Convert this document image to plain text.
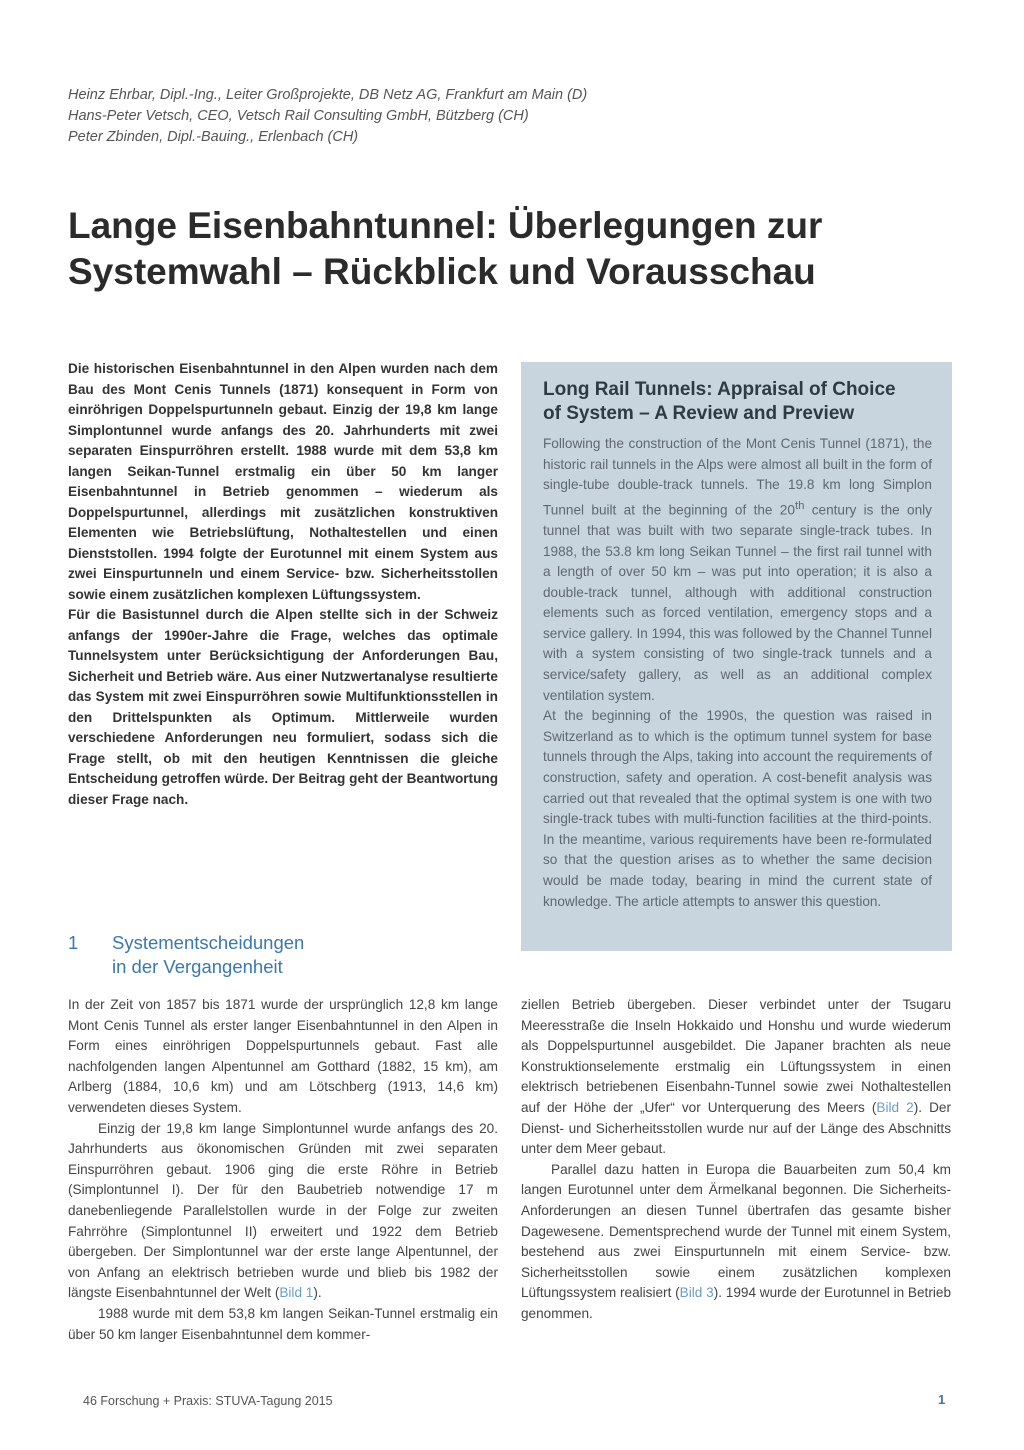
Heinz Ehrbar, Dipl.-Ing., Leiter Großprojekte, DB Netz AG, Frankfurt am Main (D)
Hans-Peter Vetsch, CEO, Vetsch Rail Consulting GmbH, Bützberg (CH)
Peter Zbinden, Dipl.-Bauing., Erlenbach (CH)
Lange Eisenbahntunnel: Überlegungen zur
Systemwahl – Rückblick und Vorausschau

Die historischen Eisenbahntunnel in den Alpen wurden nach dem Bau des Mont Cenis Tunnels (1871) konsequent in Form von einröhrigen Doppelspurtunneln gebaut. Einzig der 19,8 km lange Simplontunnel wurde anfangs des 20. Jahrhunderts mit zwei separaten Einspurröhren erstellt. 1988 wurde mit dem 53,8 km langen Seikan-Tunnel erstmalig ein über 50 km langer Eisenbahntunnel in Betrieb genommen – wiederum als Doppelspurtunnel, allerdings mit zusätzlichen konstruktiven Elementen wie Betriebslüftung, Nothaltestellen und einen Dienststollen. 1994 folgte der Eurotunnel mit einem System aus zwei Einspurtunneln und einem Service- bzw. Sicherheitsstollen sowie einem zusätzlichen komplexen Lüftungssystem.

Für die Basistunnel durch die Alpen stellte sich in der Schweiz anfangs der 1990er-Jahre die Frage, welches das optimale Tunnelsystem unter Berücksichtigung der Anforderungen Bau, Sicherheit und Betrieb wäre. Aus einer Nutzwertanalyse resultierte das System mit zwei Einspurröhren sowie Multifunktionsstellen in den Drittelspunkten als Optimum. Mittlerweile wurden verschiedene Anforderungen neu formuliert, sodass sich die Frage stellt, ob mit den heutigen Kenntnissen die gleiche Entscheidung getroffen würde. Der Beitrag geht der Beantwortung dieser Frage nach.

Long Rail Tunnels: Appraisal of Choice
of System – A Review and Preview

Following the construction of the Mont Cenis Tunnel (1871), the historic rail tunnels in the Alps were almost all built in the form of single-tube double-track tunnels. The 19.8 km long Simplon Tunnel built at the beginning of the 20th century is the only tunnel that was built with two separate single-track tubes. In 1988, the 53.8 km long Seikan Tunnel – the first rail tunnel with a length of over 50 km – was put into operation; it is also a double-track tunnel, although with additional construction elements such as forced ventilation, emergency stops and a service gallery. In 1994, this was followed by the Channel Tunnel with a system consisting of two single-track tunnels and a service/safety gallery, as well as an additional complex ventilation system.

At the beginning of the 1990s, the question was raised in Switzerland as to which is the optimum tunnel system for base tunnels through the Alps, taking into account the requirements of construction, safety and operation. A cost-benefit analysis was carried out that revealed that the optimal system is one with two single-track tubes with multi-function facilities at the third-points. In the meantime, various requirements have been re-formulated so that the question arises as to whether the same decision would be made today, bearing in mind the current state of knowledge. The article attempts to answer this question.

1 Systementscheidungen
in der Vergangenheit

In der Zeit von 1857 bis 1871 wurde der ursprünglich 12,8 km lange Mont Cenis Tunnel als erster langer Eisenbahntunnel in den Alpen in Form eines einröhrigen Doppelspurtunnels gebaut. Fast alle nachfolgenden langen Alpentunnel am Gotthard (1882, 15 km), am Arlberg (1884, 10,6 km) und am Lötschberg (1913, 14,6 km) verwendeten dieses System.

Einzig der 19,8 km lange Simplontunnel wurde anfangs des 20. Jahrhunderts aus ökonomischen Gründen mit zwei separaten Einspurröhren gebaut. 1906 ging die erste Röhre in Betrieb (Simplontunnel I). Der für den Baubetrieb notwendige 17 m danebenliegende Parallelstollen wurde in der Folge zur zweiten Fahrröhre (Simplontunnel II) erweitert und 1922 dem Betrieb übergeben. Der Simplontunnel war der erste lange Alpentunnel, der von Anfang an elektrisch betrieben wurde und blieb bis 1982 der längste Eisenbahntunnel der Welt (Bild 1).

1988 wurde mit dem 53,8 km langen Seikan-Tunnel erstmalig ein über 50 km langer Eisenbahntunnel dem kommer-

ziellen Betrieb übergeben. Dieser verbindet unter der Tsugaru Meeresstraße die Inseln Hokkaido und Honshu und wurde wiederum als Doppelspurtunnel ausgebildet. Die Japaner brachten als neue Konstruktionselemente erstmalig ein Lüftungssystem in einen elektrisch betriebenen Eisenbahn-Tunnel sowie zwei Nothaltestellen auf der Höhe der „Ufer“ vor Unterquerung des Meers (Bild 2). Der Dienst- und Sicherheitsstollen wurde nur auf der Länge des Abschnitts unter dem Meer gebaut.

Parallel dazu hatten in Europa die Bauarbeiten zum 50,4 km langen Eurotunnel unter dem Ärmelkanal begonnen. Die Sicherheits-Anforderungen an diesen Tunnel übertrafen das gesamte bisher Dagewesene. Dementsprechend wurde der Tunnel mit einem System, bestehend aus zwei Einspurtunneln mit einem Service- bzw. Sicherheitsstollen sowie einem zusätzlichen komplexen Lüftungssystem realisiert (Bild 3). 1994 wurde der Eurotunnel in Betrieb genommen.

46 Forschung + Praxis: STUVA-Tagung 2015	1
